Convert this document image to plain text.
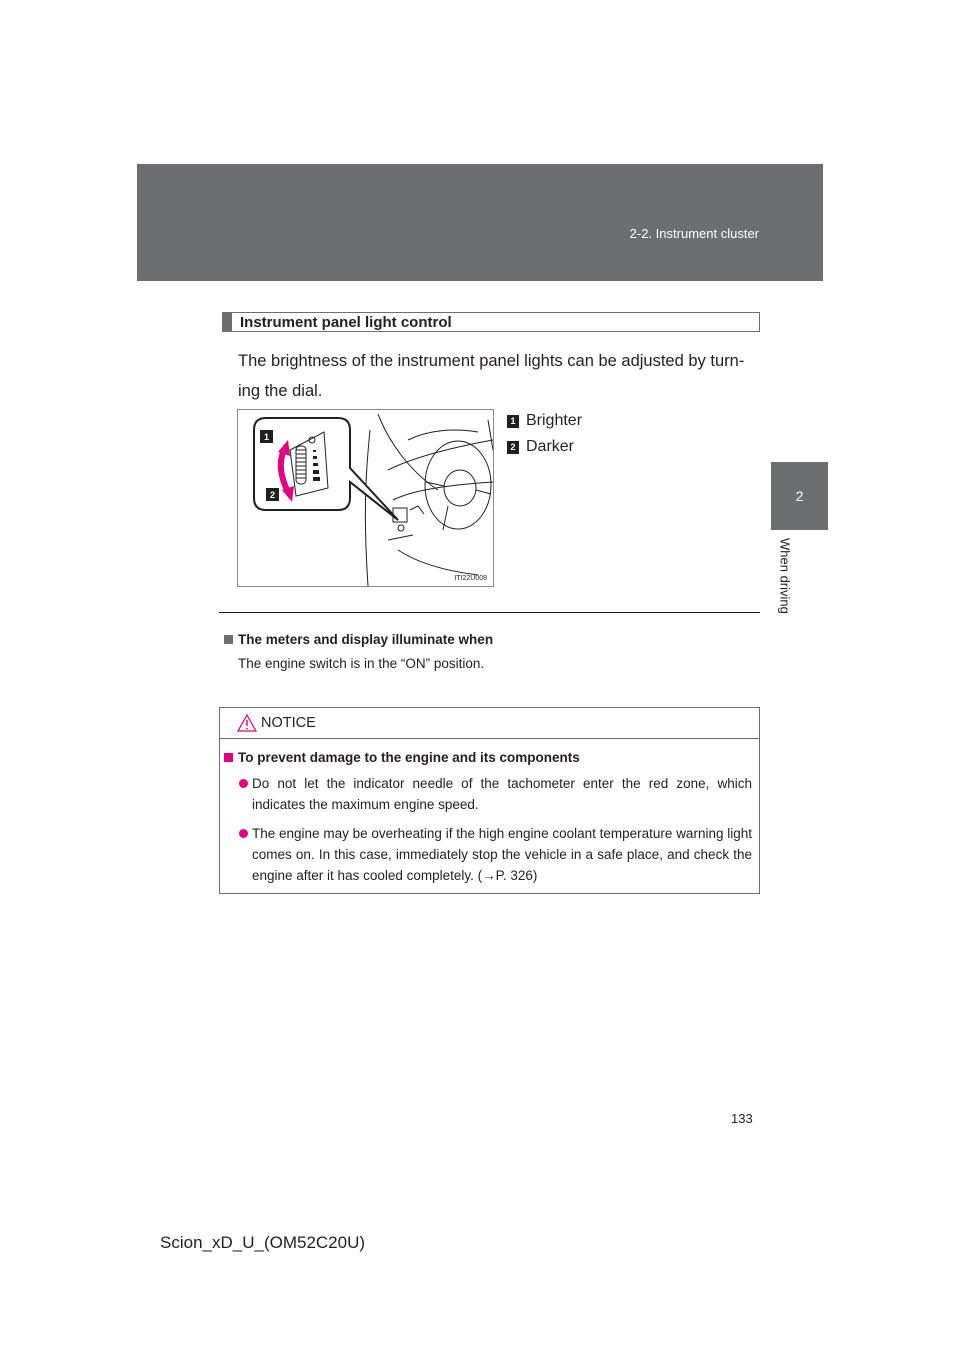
2-2. Instrument cluster
2
When driving
Instrument panel light control
The brightness of the instrument panel lights can be adjusted by turn-
ing the dial.
1
2
ITI22U008
1 Brighter
2 Darker
The meters and display illuminate when
The engine switch is in the “ON” position.
NOTICE
To prevent damage to the engine and its components
Do not let the indicator needle of the tachometer enter the red zone, which indicates the maximum engine speed.
The engine may be overheating if the high engine coolant temperature warning light comes on. In this case, immediately stop the vehicle in a safe place, and check the engine after it has cooled completely. (→P. 326)
133
Scion_xD_U_(OM52C20U)
